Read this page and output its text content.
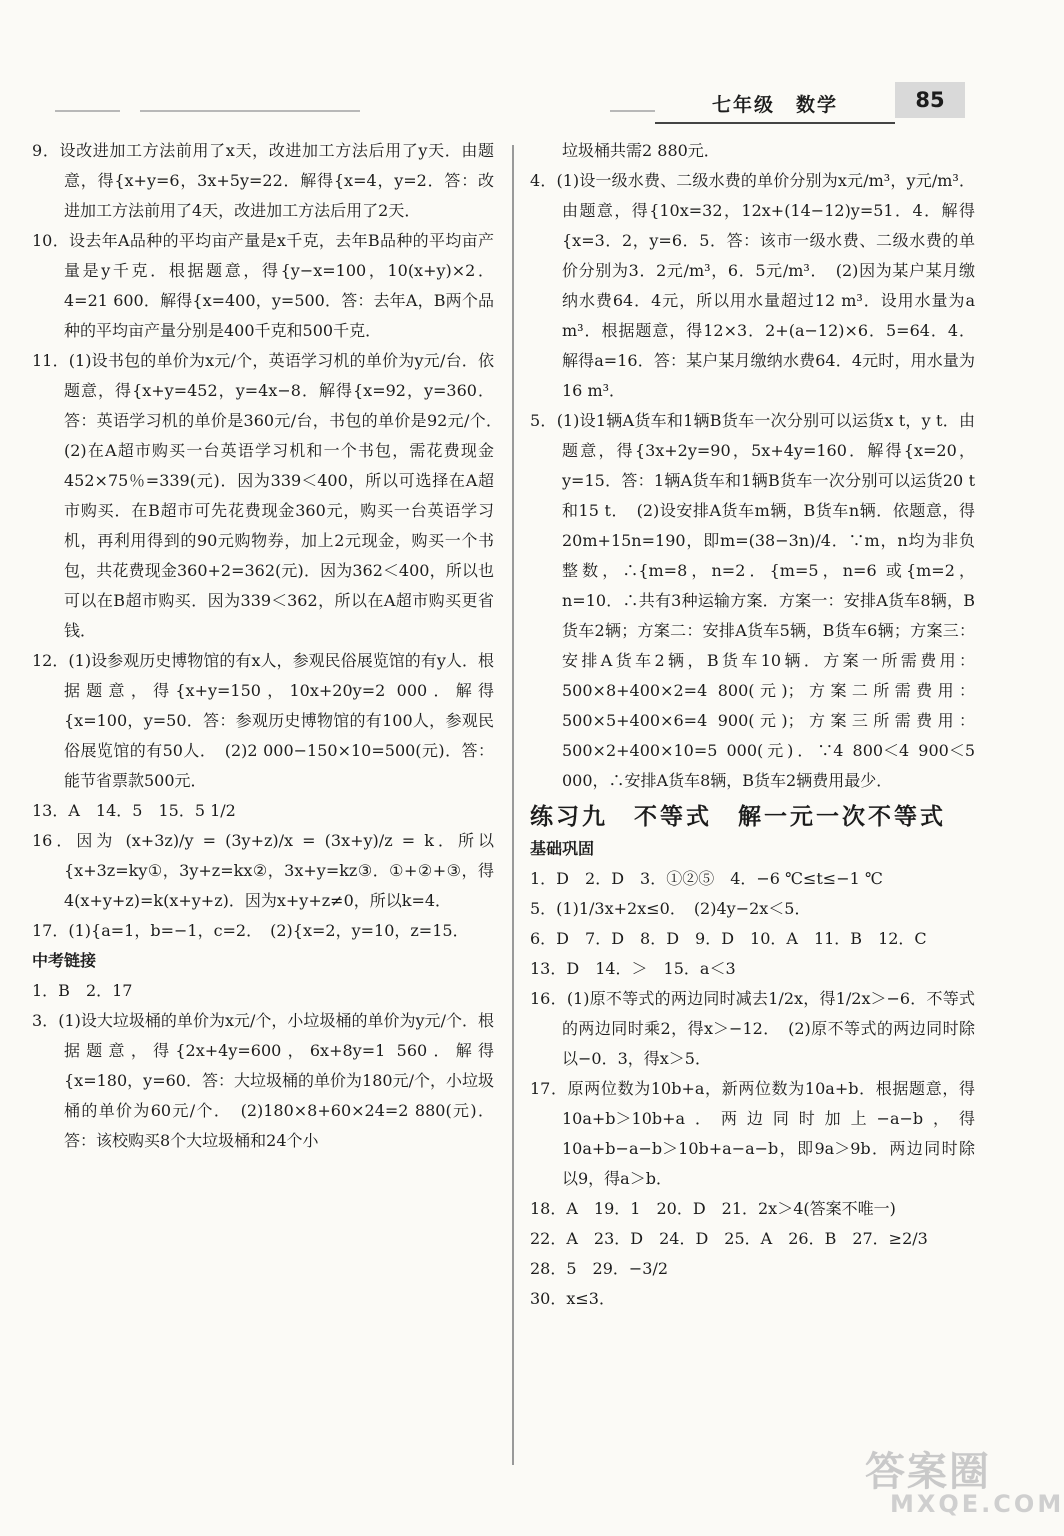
七年级　数学	85

9．设改进加工方法前用了x天，改进加工方法后用了y天．由题意，得{x+y=6，3x+5y=22．解得{x=4，y=2．答：改进加工方法前用了4天，改进加工方法后用了2天．

10．设去年A品种的平均亩产量是x千克，去年B品种的平均亩产量是y千克．根据题意，得{y−x=100，10(x+y)×2．4=21 600．解得{x=400，y=500．答：去年A，B两个品种的平均亩产量分别是400千克和500千克．

11．(1)设书包的单价为x元/个，英语学习机的单价为y元/台．依题意，得{x+y=452，y=4x−8．解得{x=92，y=360．答：英语学习机的单价是360元/台，书包的单价是92元/个．　(2)在A超市购买一台英语学习机和一个书包，需花费现金452×75％=339(元)．因为339＜400，所以可选择在A超市购买．在B超市可先花费现金360元，购买一台英语学习机，再利用得到的90元购物券，加上2元现金，购买一个书包，共花费现金360+2=362(元)．因为362＜400，所以也可以在B超市购买．因为339＜362，所以在A超市购买更省钱．

12．(1)设参观历史博物馆的有x人，参观民俗展览馆的有y人．根据题意，得{x+y=150，10x+20y=2 000．解得{x=100，y=50．答：参观历史博物馆的有100人，参观民俗展览馆的有50人．　(2)2 000−150×10=500(元)．答：能节省票款500元．

13．A　14．5　15．5 1/2

16．因为 (x+3z)/y = (3y+z)/x = (3x+y)/z = k．所以 {x+3z=ky①，3y+z=kx②，3x+y=kz③．①+②+③，得4(x+y+z)=k(x+y+z)．因为x+y+z≠0，所以k=4．

17．(1){a=1，b=−1，c=2．　(2){x=2，y=10，z=15．

中考链接

1．B　2．17

3．(1)设大垃圾桶的单价为x元/个，小垃圾桶的单价为y元/个．根据题意，得{2x+4y=600，6x+8y=1 560．解得{x=180，y=60．答：大垃圾桶的单价为180元/个，小垃圾桶的单价为60元/个．　(2)180×8+60×24=2 880(元)．答：该校购买8个大垃圾桶和24个小

垃圾桶共需2 880元．

4．(1)设一级水费、二级水费的单价分别为x元/m³，y元/m³．由题意，得{10x=32，12x+(14−12)y=51．4．解得{x=3．2，y=6．5．答：该市一级水费、二级水费的单价分别为3．2元/m³，6．5元/m³．　(2)因为某户某月缴纳水费64．4元，所以用水量超过12 m³．设用水量为a m³．根据题意，得12×3．2+(a−12)×6．5=64．4．解得a=16．答：某户某月缴纳水费64．4元时，用水量为16 m³．

5．(1)设1辆A货车和1辆B货车一次分别可以运货x t，y t．由题意，得{3x+2y=90，5x+4y=160．解得{x=20，y=15．答：1辆A货车和1辆B货车一次分别可以运货20 t和15 t．　(2)设安排A货车m辆，B货车n辆．依题意，得20m+15n=190，即m=(38−3n)/4．∵m，n均为非负整数，∴{m=8，n=2．{m=5，n=6 或{m=2，n=10．∴共有3种运输方案．方案一：安排A货车8辆，B货车2辆；方案二：安排A货车5辆，B货车6辆；方案三：安排A货车2辆，B货车10辆．方案一所需费用：500×8+400×2=4 800(元)；方案二所需费用：500×5+400×6=4 900(元)；方案三所需费用：500×2+400×10=5 000(元)．∵4 800＜4 900＜5 000，∴安排A货车8辆，B货车2辆费用最少．

练习九　不等式　解一元一次不等式

基础巩固

1．D　2．D　3．①②⑤　4．−6 ℃≤t≤−1 ℃

5．(1)1/3x+2x≤0．　(2)4y−2x＜5．

6．D　7．D　8．D　9．D　10．A　11．B　12．C

13．D　14．＞　15．a＜3

16．(1)原不等式的两边同时减去1/2x，得1/2x＞−6．不等式的两边同时乘2，得x＞−12．　(2)原不等式的两边同时除以−0．3，得x＞5．

17．原两位数为10b+a，新两位数为10a+b．根据题意，得10a+b＞10b+a．两边同时加上−a−b，得10a+b−a−b＞10b+a−a−b，即9a＞9b．两边同时除以9，得a＞b．

18．A　19．1　20．D　21．2x＞4(答案不唯一)

22．A　23．D　24．D　25．A　26．B　27．≥2/3

28．5　29．−3/2

30．x≤3．

答案圈
MXQE.COM
